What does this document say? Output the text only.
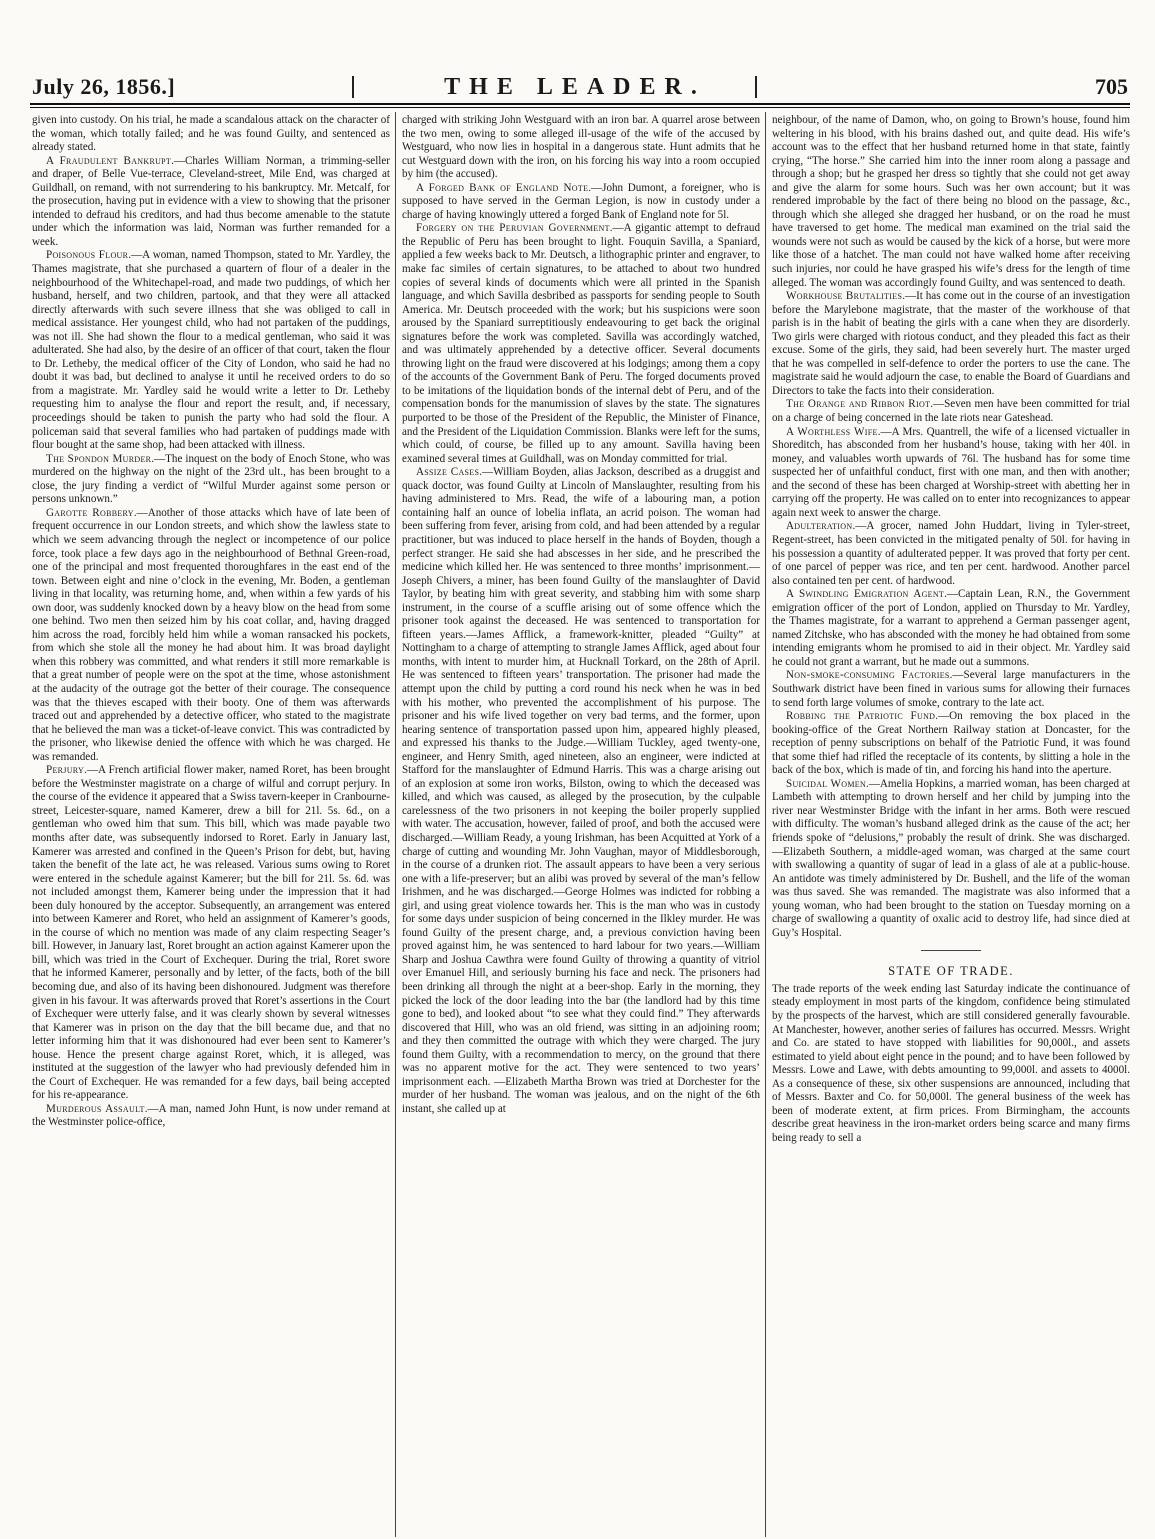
July 26, 1856.]	THE LEADER.	705

given into custody. On his trial, he made a scandalous attack on the character of the woman, which totally failed; and he was found Guilty, and sentenced as already stated.

A Fraudulent Bankrupt.—Charles William Norman, a trimming-seller and draper, of Belle Vue-terrace, Cleveland-street, Mile End, was charged at Guildhall, on remand, with not surrendering to his bankruptcy. Mr. Metcalf, for the prosecution, having put in evidence with a view to showing that the prisoner intended to defraud his creditors, and had thus become amenable to the statute under which the information was laid, Norman was further remanded for a week.

Poisonous Flour.—A woman, named Thompson, stated to Mr. Yardley, the Thames magistrate, that she purchased a quartern of flour of a dealer in the neighbourhood of the Whitechapel-road, and made two puddings, of which her husband, herself, and two children, partook, and that they were all attacked directly afterwards with such severe illness that she was obliged to call in medical assistance. Her youngest child, who had not partaken of the puddings, was not ill. She had shown the flour to a medical gentleman, who said it was adulterated. She had also, by the desire of an officer of that court, taken the flour to Dr. Letheby, the medical officer of the City of London, who said he had no doubt it was bad, but declined to analyse it until he received orders to do so from a magistrate. Mr. Yardley said he would write a letter to Dr. Letheby requesting him to analyse the flour and report the result, and, if necessary, proceedings should be taken to punish the party who had sold the flour. A policeman said that several families who had partaken of puddings made with flour bought at the same shop, had been attacked with illness.

The Spondon Murder.—The inquest on the body of Enoch Stone, who was murdered on the highway on the night of the 23rd ult., has been brought to a close, the jury finding a verdict of “Wilful Murder against some person or persons unknown.”

Garotte Robbery.—Another of those attacks which have of late been of frequent occurrence in our London streets, and which show the lawless state to which we seem advancing through the neglect or incompetence of our police force, took place a few days ago in the neighbourhood of Bethnal Green-road, one of the principal and most frequented thoroughfares in the east end of the town. Between eight and nine o’clock in the evening, Mr. Boden, a gentleman living in that locality, was returning home, and, when within a few yards of his own door, was suddenly knocked down by a heavy blow on the head from some one behind. Two men then seized him by his coat collar, and, having dragged him across the road, forcibly held him while a woman ransacked his pockets, from which she stole all the money he had about him. It was broad daylight when this robbery was committed, and what renders it still more remarkable is that a great number of people were on the spot at the time, whose astonishment at the audacity of the outrage got the better of their courage. The consequence was that the thieves escaped with their booty. One of them was afterwards traced out and apprehended by a detective officer, who stated to the magistrate that he believed the man was a ticket-of-leave convict. This was contradicted by the prisoner, who likewise denied the offence with which he was charged. He was remanded.

Perjury.—A French artificial flower maker, named Roret, has been brought before the Westminster magistrate on a charge of wilful and corrupt perjury. In the course of the evidence it appeared that a Swiss tavern-keeper in Cranbourne-street, Leicester-square, named Kamerer, drew a bill for 21l. 5s. 6d., on a gentleman who owed him that sum. This bill, which was made payable two months after date, was subsequently indorsed to Roret. Early in January last, Kamerer was arrested and confined in the Queen’s Prison for debt, but, having taken the benefit of the late act, he was released. Various sums owing to Roret were entered in the schedule against Kamerer; but the bill for 21l. 5s. 6d. was not included amongst them, Kamerer being under the impression that it had been duly honoured by the acceptor. Subsequently, an arrangement was entered into between Kamerer and Roret, who held an assignment of Kamerer’s goods, in the course of which no mention was made of any claim respecting Seager’s bill. However, in January last, Roret brought an action against Kamerer upon the bill, which was tried in the Court of Exchequer. During the trial, Roret swore that he informed Kamerer, personally and by letter, of the facts, both of the bill becoming due, and also of its having been dishonoured. Judgment was therefore given in his favour. It was afterwards proved that Roret’s assertions in the Court of Exchequer were utterly false, and it was clearly shown by several witnesses that Kamerer was in prison on the day that the bill became due, and that no letter informing him that it was dishonoured had ever been sent to Kamerer’s house. Hence the present charge against Roret, which, it is alleged, was instituted at the suggestion of the lawyer who had previously defended him in the Court of Exchequer. He was remanded for a few days, bail being accepted for his re-appearance.

Murderous Assault.—A man, named John Hunt, is now under remand at the Westminster police-office,

charged with striking John Westguard with an iron bar. A quarrel arose between the two men, owing to some alleged ill-usage of the wife of the accused by Westguard, who now lies in hospital in a dangerous state. Hunt admits that he cut Westguard down with the iron, on his forcing his way into a room occupied by him (the accused).

A Forged Bank of England Note.—John Dumont, a foreigner, who is supposed to have served in the German Legion, is now in custody under a charge of having knowingly uttered a forged Bank of England note for 5l.

Forgery on the Peruvian Government.—A gigantic attempt to defraud the Republic of Peru has been brought to light. Fouquin Savilla, a Spaniard, applied a few weeks back to Mr. Deutsch, a lithographic printer and engraver, to make fac similes of certain signatures, to be attached to about two hundred copies of several kinds of documents which were all printed in the Spanish language, and which Savilla desbribed as passports for sending people to South America. Mr. Deutsch proceeded with the work; but his suspicions were soon aroused by the Spaniard surreptitiously endeavouring to get back the original signatures before the work was completed. Savilla was accordingly watched, and was ultimately apprehended by a detective officer. Several documents throwing light on the fraud were discovered at his lodgings; among them a copy of the accounts of the Government Bank of Peru. The forged documents proved to be imitations of the liquidation bonds of the internal debt of Peru, and of the compensation bonds for the manumission of slaves by the state. The signatures purported to be those of the President of the Republic, the Minister of Finance, and the President of the Liquidation Commission. Blanks were left for the sums, which could, of course, be filled up to any amount. Savilla having been examined several times at Guildhall, was on Monday committed for trial.

Assize Cases.—William Boyden, alias Jackson, described as a druggist and quack doctor, was found Guilty at Lincoln of Manslaughter, resulting from his having administered to Mrs. Read, the wife of a labouring man, a potion containing half an ounce of lobelia inflata, an acrid poison. The woman had been suffering from fever, arising from cold, and had been attended by a regular practitioner, but was induced to place herself in the hands of Boyden, though a perfect stranger. He said she had abscesses in her side, and he prescribed the medicine which killed her. He was sentenced to three months’ imprisonment.—Joseph Chivers, a miner, has been found Guilty of the manslaughter of David Taylor, by beating him with great severity, and stabbing him with some sharp instrument, in the course of a scuffle arising out of some offence which the prisoner took against the deceased. He was sentenced to transportation for fifteen years.—James Afflick, a framework-knitter, pleaded “Guilty” at Nottingham to a charge of attempting to strangle James Afflick, aged about four months, with intent to murder him, at Hucknall Torkard, on the 28th of April. He was sentenced to fifteen years’ transportation. The prisoner had made the attempt upon the child by putting a cord round his neck when he was in bed with his mother, who prevented the accomplishment of his purpose. The prisoner and his wife lived together on very bad terms, and the former, upon hearing sentence of transportation passed upon him, appeared highly pleased, and expressed his thanks to the Judge.—William Tuckley, aged twenty-one, engineer, and Henry Smith, aged nineteen, also an engineer, were indicted at Stafford for the manslaughter of Edmund Harris. This was a charge arising out of an explosion at some iron works, Bilston, owing to which the deceased was killed, and which was caused, as alleged by the prosecution, by the culpable carelessness of the two prisoners in not keeping the boiler properly supplied with water. The accusation, however, failed of proof, and both the accused were discharged.—William Ready, a young Irishman, has been Acquitted at York of a charge of cutting and wounding Mr. John Vaughan, mayor of Middlesborough, in the course of a drunken riot. The assault appears to have been a very serious one with a life-preserver; but an alibi was proved by several of the man’s fellow Irishmen, and he was discharged.—George Holmes was indicted for robbing a girl, and using great violence towards her. This is the man who was in custody for some days under suspicion of being concerned in the Ilkley murder. He was found Guilty of the present charge, and, a previous conviction having been proved against him, he was sentenced to hard labour for two years.—William Sharp and Joshua Cawthra were found Guilty of throwing a quantity of vitriol over Emanuel Hill, and seriously burning his face and neck. The prisoners had been drinking all through the night at a beer-shop. Early in the morning, they picked the lock of the door leading into the bar (the landlord had by this time gone to bed), and looked about “to see what they could find.” They afterwards discovered that Hill, who was an old friend, was sitting in an adjoining room; and they then committed the outrage with which they were charged. The jury found them Guilty, with a recommendation to mercy, on the ground that there was no apparent motive for the act. They were sentenced to two years’ imprisonment each. —Elizabeth Martha Brown was tried at Dorchester for the murder of her husband. The woman was jealous, and on the night of the 6th instant, she called up at

neighbour, of the name of Damon, who, on going to Brown’s house, found him weltering in his blood, with his brains dashed out, and quite dead. His wife’s account was to the effect that her husband returned home in that state, faintly crying, “The horse.” She carried him into the inner room along a passage and through a shop; but he grasped her dress so tightly that she could not get away and give the alarm for some hours. Such was her own account; but it was rendered improbable by the fact of there being no blood on the passage, &c., through which she alleged she dragged her husband, or on the road he must have traversed to get home. The medical man examined on the trial said the wounds were not such as would be caused by the kick of a horse, but were more like those of a hatchet. The man could not have walked home after receiving such injuries, nor could he have grasped his wife’s dress for the length of time alleged. The woman was accordingly found Guilty, and was sentenced to death.

Workhouse Brutalities.—It has come out in the course of an investigation before the Marylebone magistrate, that the master of the workhouse of that parish is in the habit of beating the girls with a cane when they are disorderly. Two girls were charged with riotous conduct, and they pleaded this fact as their excuse. Some of the girls, they said, had been severely hurt. The master urged that he was compelled in self-defence to order the porters to use the cane. The magistrate said he would adjourn the case, to enable the Board of Guardians and Directors to take the facts into their consideration.

The Orange and Ribbon Riot.—Seven men have been committed for trial on a charge of being concerned in the late riots near Gateshead.

A Worthless Wife.—A Mrs. Quantrell, the wife of a licensed victualler in Shoreditch, has absconded from her husband’s house, taking with her 40l. in money, and valuables worth upwards of 76l. The husband has for some time suspected her of unfaithful conduct, first with one man, and then with another; and the second of these has been charged at Worship-street with abetting her in carrying off the property. He was called on to enter into recognizances to appear again next week to answer the charge.

Adulteration.—A grocer, named John Huddart, living in Tyler-street, Regent-street, has been convicted in the mitigated penalty of 50l. for having in his possession a quantity of adulterated pepper. It was proved that forty per cent. of one parcel of pepper was rice, and ten per cent. hardwood. Another parcel also contained ten per cent. of hardwood.

A Swindling Emigration Agent.—Captain Lean, R.N., the Government emigration officer of the port of London, applied on Thursday to Mr. Yardley, the Thames magistrate, for a warrant to apprehend a German passenger agent, named Zitchske, who has absconded with the money he had obtained from some intending emigrants whom he promised to aid in their object. Mr. Yardley said he could not grant a warrant, but he made out a summons.

Non-smoke-consuming Factories.—Several large manufacturers in the Southwark district have been fined in various sums for allowing their furnaces to send forth large volumes of smoke, contrary to the late act.

Robbing the Patriotic Fund.—On removing the box placed in the booking-office of the Great Northern Railway station at Doncaster, for the reception of penny subscriptions on behalf of the Patriotic Fund, it was found that some thief had rifled the receptacle of its contents, by slitting a hole in the back of the box, which is made of tin, and forcing his hand into the aperture.

Suicidal Women.—Amelia Hopkins, a married woman, has been charged at Lambeth with attempting to drown herself and her child by jumping into the river near Westminster Bridge with the infant in her arms. Both were rescued with difficulty. The woman’s husband alleged drink as the cause of the act; her friends spoke of “delusions,” probably the result of drink. She was discharged.—Elizabeth Southern, a middle-aged woman, was charged at the same court with swallowing a quantity of sugar of lead in a glass of ale at a public-house. An antidote was timely administered by Dr. Bushell, and the life of the woman was thus saved. She was remanded. The magistrate was also informed that a young woman, who had been brought to the station on Tuesday morning on a charge of swallowing a quantity of oxalic acid to destroy life, had since died at Guy’s Hospital.

STATE OF TRADE.

The trade reports of the week ending last Saturday indicate the continuance of steady employment in most parts of the kingdom, confidence being stimulated by the prospects of the harvest, which are still considered generally favourable. At Manchester, however, another series of failures has occurred. Messrs. Wright and Co. are stated to have stopped with liabilities for 90,000l., and assets estimated to yield about eight pence in the pound; and to have been followed by Messrs. Lowe and Lawe, with debts amounting to 99,000l. and assets to 4000l. As a consequence of these, six other suspensions are announced, including that of Messrs. Baxter and Co. for 50,000l. The general business of the week has been of moderate extent, at firm prices. From Birmingham, the accounts describe great heaviness in the iron-market orders being scarce and many firms being ready to sell a
